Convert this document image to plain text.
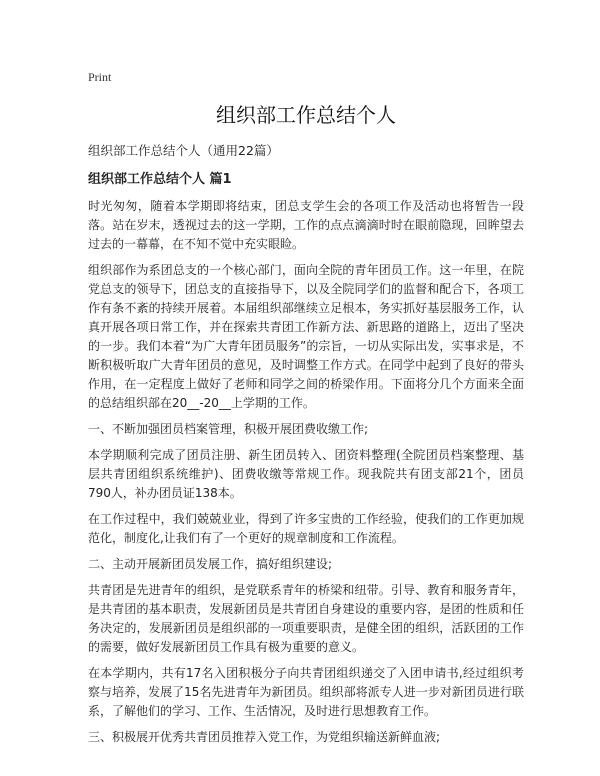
Print
组织部工作总结个人
组织部工作总结个人（通用22篇）
组织部工作总结个人 篇1

时光匆匆，随着本学期即将结束，团总支学生会的各项工作及活动也将暂告一段落。站在岁末，透视过去的这一学期，工作的点点滴滴时时在眼前隐现，回眸望去过去的一幕幕，在不知不觉中充实眼睑。

组织部作为系团总支的一个核心部门，面向全院的青年团员工作。这一年里，在院党总支的领导下，团总支的直接指导下，以及全院同学们的监督和配合下，各项工作有条不紊的持续开展着。本届组织部继续立足根本，务实抓好基层服务工作，认真开展各项日常工作，并在探索共青团工作新方法、新思路的道路上，迈出了坚决的一步。我们本着“为广大青年团员服务”的宗旨，一切从实际出发，实事求是，不断积极听取广大青年团员的意见，及时调整工作方式。在同学中起到了良好的带头作用，在一定程度上做好了老师和同学之间的桥梁作用。下面将分几个方面来全面的总结组织部在20__-20__上学期的工作。

一、不断加强团员档案管理，积极开展团费收缴工作;

本学期顺利完成了团员注册、新生团员转入、团资料整理(全院团员档案整理、基层共青团组织系统维护)、团费收缴等常规工作。现我院共有团支部21个，团员790人，补办团员证138本。

在工作过程中，我们兢兢业业，得到了许多宝贵的工作经验，使我们的工作更加规范化，制度化,让我们有了一个更好的规章制度和工作流程。

二、主动开展新团员发展工作，搞好组织建设;

共青团是先进青年的组织，是党联系青年的桥梁和纽带。引导、教育和服务青年，是共青团的基本职责，发展新团员是共青团自身建设的重要内容，是团的性质和任务决定的，发展新团员是组织部的一项重要职责，是健全团的组织，活跃团的工作的需要，做好发展新团员工作具有极为重要的意义。

在本学期内，共有17名入团积极分子向共青团组织递交了入团申请书,经过组织考察与培养，发展了15名先进青年为新团员。组织部将派专人进一步对新团员进行联系，了解他们的学习、工作、生活情况，及时进行思想教育工作。

三、积极展开优秀共青团员推荐入党工作，为党组织输送新鲜血液;
